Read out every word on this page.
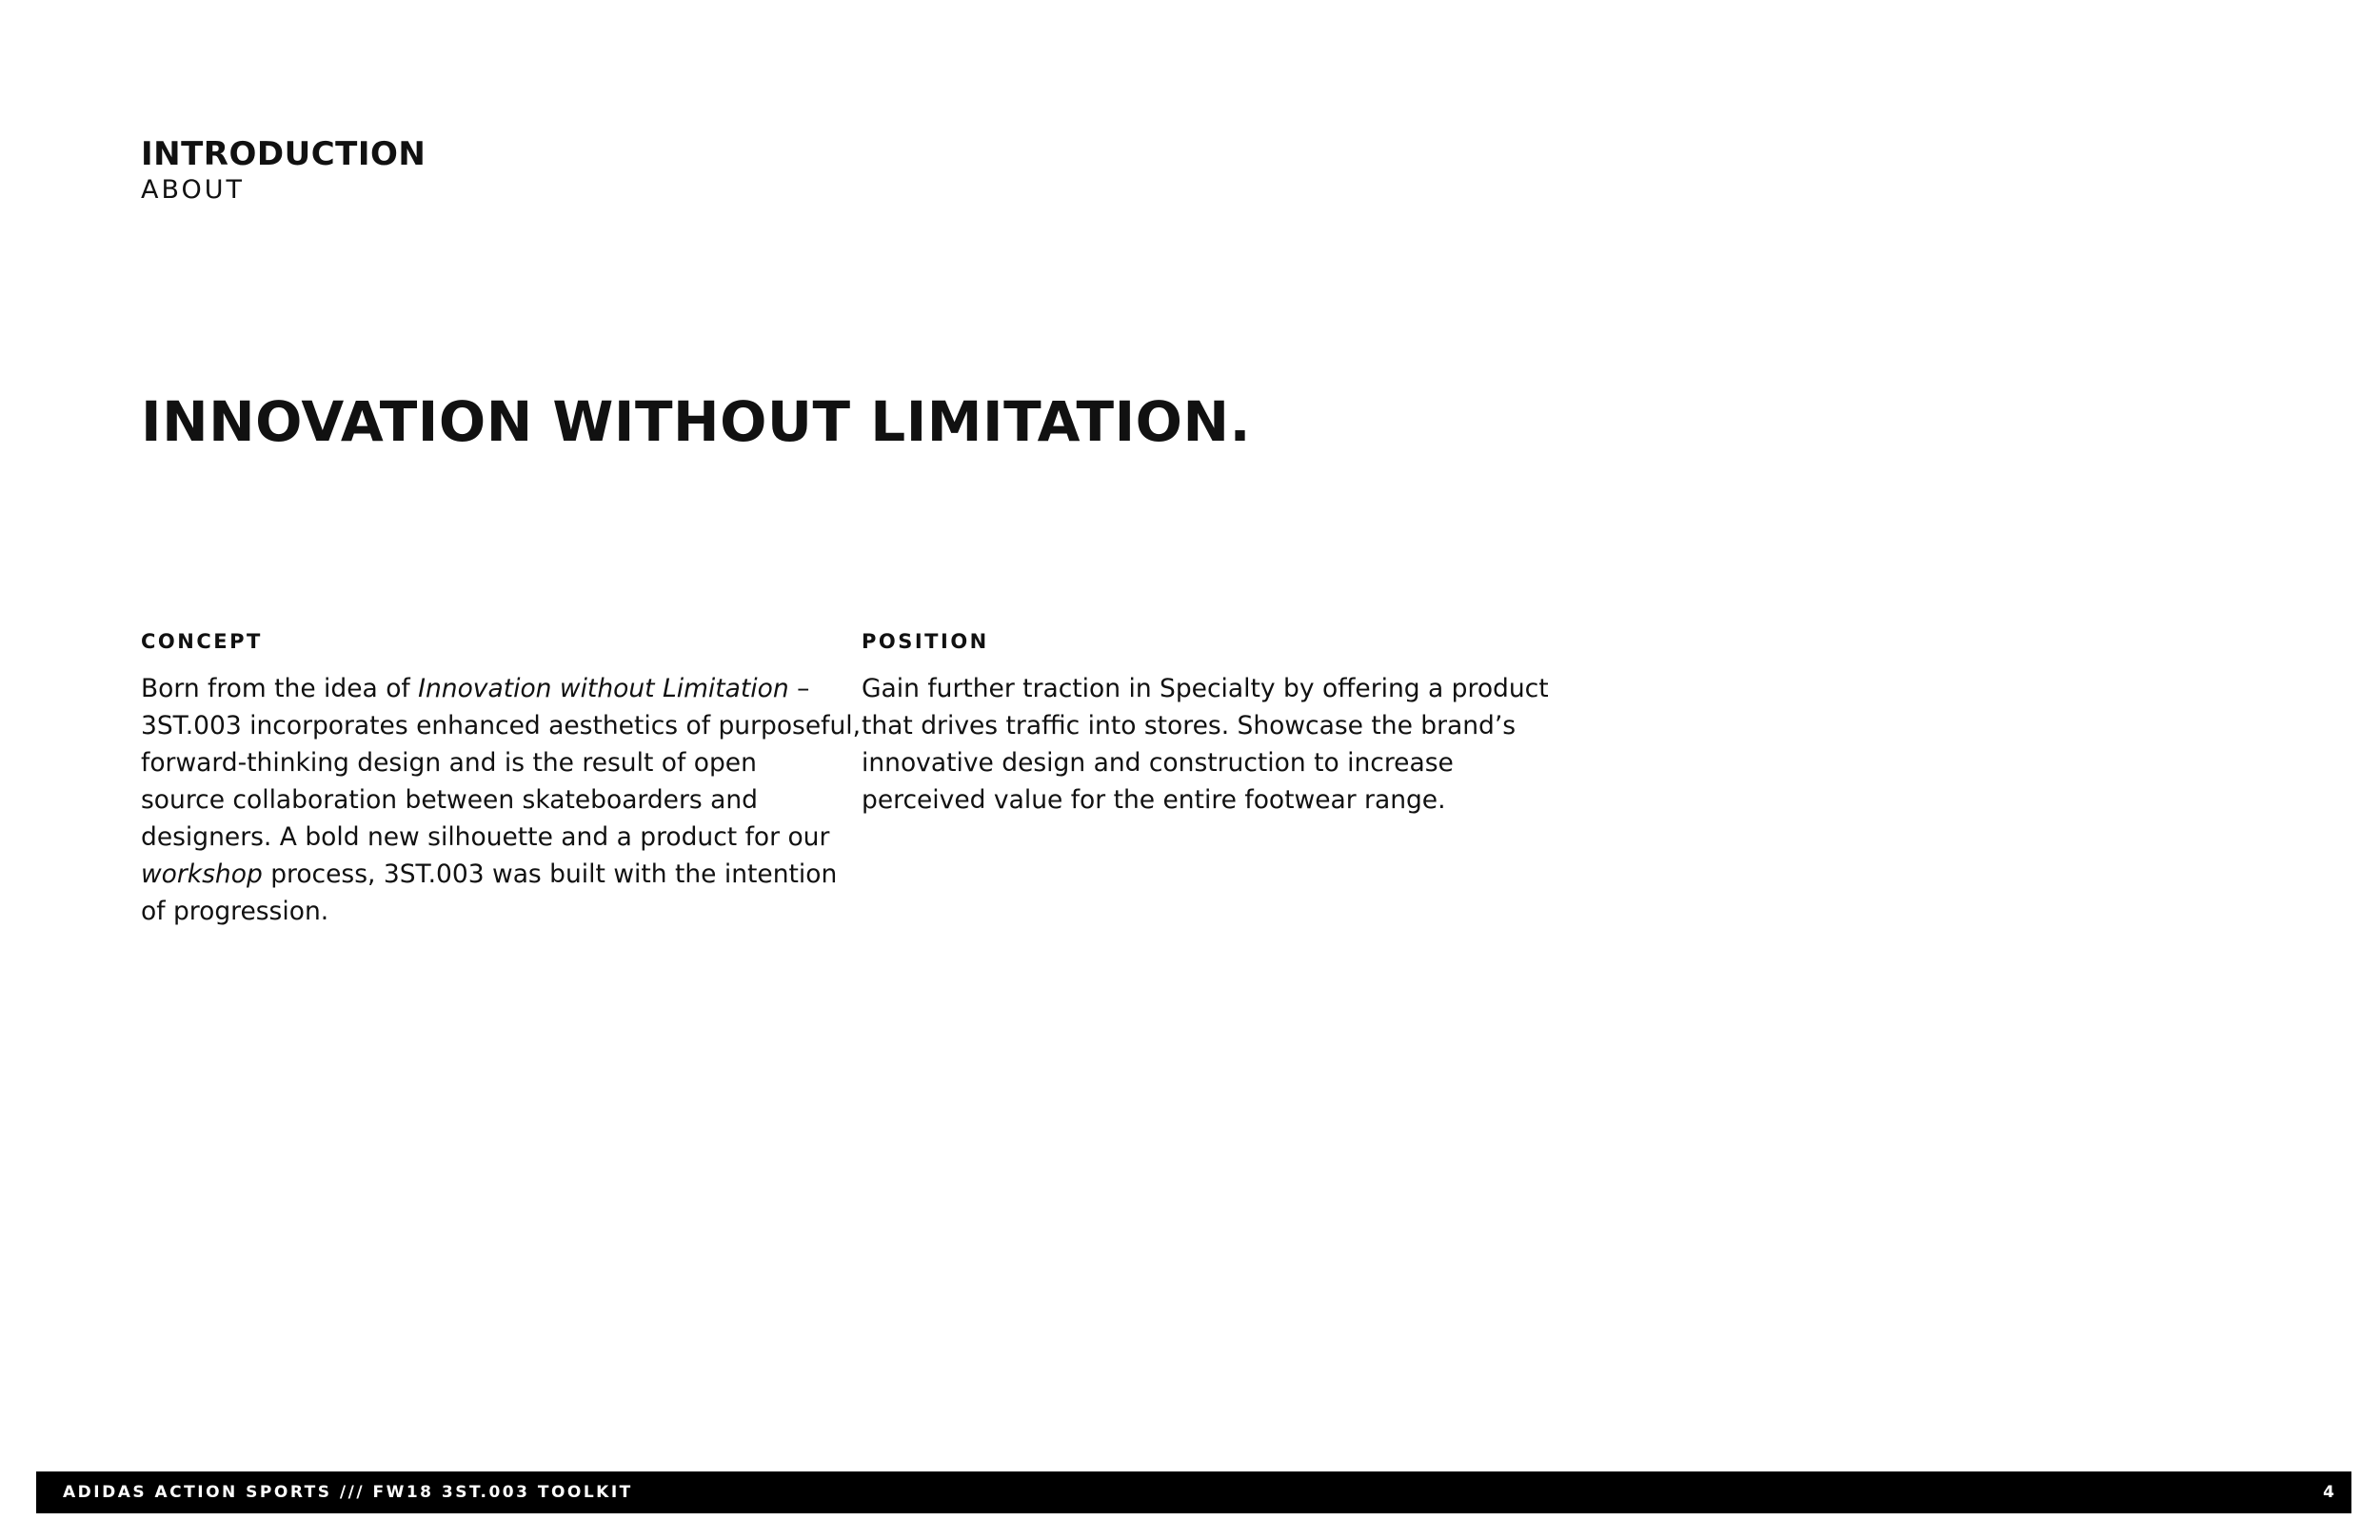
INTRODUCTION
ABOUT
INNOVATION WITHOUT LIMITATION.
CONCEPT

Born from the idea of Innovation without Limitation –
3ST.003 incorporates enhanced aesthetics of purposeful,
forward-thinking design and is the result of open
source collaboration between skateboarders and
designers. A bold new silhouette and a product for our
workshop process, 3ST.003 was built with the intention
of progression.

POSITION

Gain further traction in Specialty by offering a product
that drives traffic into stores. Showcase the brand’s
innovative design and construction to increase
perceived value for the entire footwear range.

ADIDAS ACTION SPORTS /// FW18 3ST.003 TOOLKIT	4
